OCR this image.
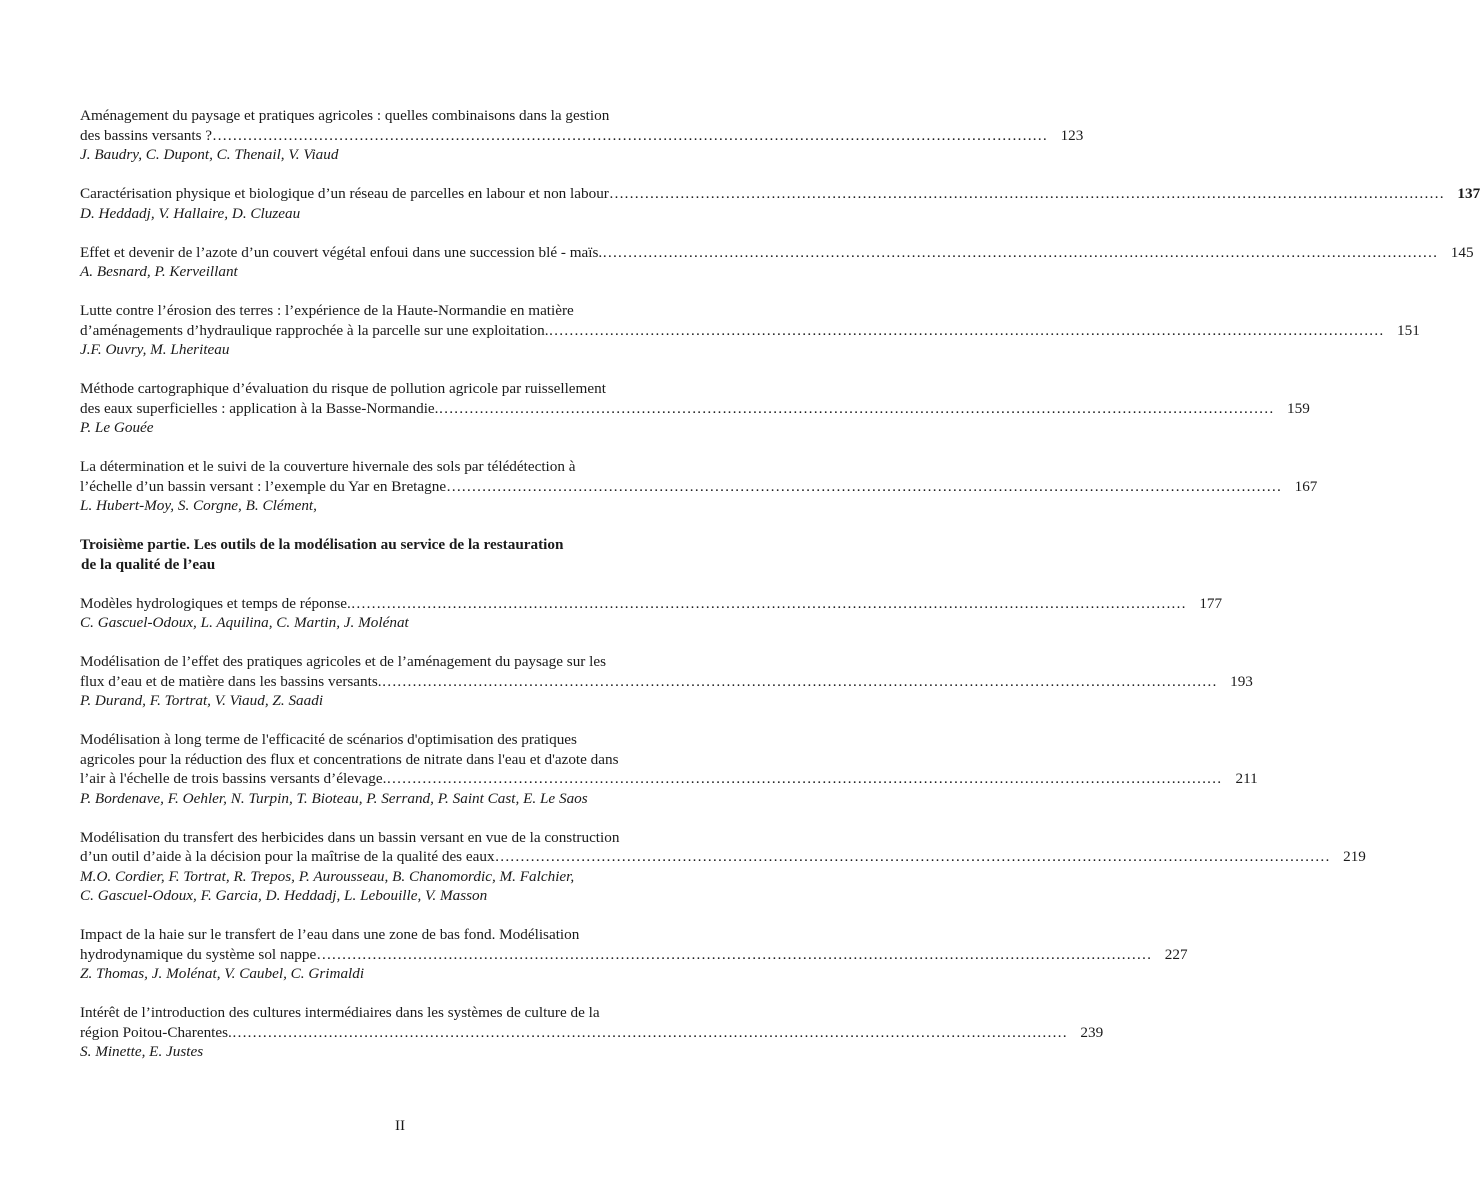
Aménagement du paysage et pratiques agricoles : quelles combinaisons dans la gestion
des bassins versants ? ………………………………………………………………………………………………………………………………………………… 123
J. Baudry, C. Dupont, C. Thenail, V. Viaud
Caractérisation physique et biologique d’un réseau de parcelles en labour et non labour ………………………………………………………………………………………………………………………………………………… 137
D. Heddadj, V. Hallaire, D. Cluzeau
Effet et devenir de l’azote d’un couvert végétal enfoui dans une succession blé - maïs. ………………………………………………………………………………………………………………………………………………… 145
A. Besnard, P. Kerveillant
Lutte contre l’érosion des terres : l’expérience de la Haute-Normandie en matière
d’aménagements d’hydraulique rapprochée à la parcelle sur une exploitation. ………………………………………………………………………………………………………………………………………………… 151
J.F. Ouvry, M. Lheriteau
Méthode cartographique d’évaluation du risque de pollution agricole par ruissellement
des eaux superficielles : application à la Basse-Normandie. ………………………………………………………………………………………………………………………………………………… 159
P. Le Gouée
La détermination et le suivi de la couverture hivernale des sols par télédétection à
l’échelle d’un bassin versant : l’exemple du Yar en Bretagne ………………………………………………………………………………………………………………………………………………… 167
L. Hubert-Moy, S. Corgne, B. Clément,
Troisième partie. Les outils de la modélisation au service de la restauration
de la qualité de l’eau
Modèles hydrologiques et temps de réponse. ………………………………………………………………………………………………………………………………………………… 177
C. Gascuel-Odoux, L. Aquilina, C. Martin, J. Molénat
Modélisation de l’effet des pratiques agricoles et de l’aménagement du paysage sur les
flux d’eau et de matière dans les bassins versants. ………………………………………………………………………………………………………………………………………………… 193
P. Durand, F. Tortrat, V. Viaud, Z. Saadi
Modélisation à long terme de l'efficacité de scénarios d'optimisation des pratiques
agricoles pour la réduction des flux et concentrations de nitrate dans l'eau et d'azote dans
l’air à l'échelle de trois bassins versants d’élevage. ………………………………………………………………………………………………………………………………………………… 211
P. Bordenave, F. Oehler, N. Turpin, T. Bioteau, P. Serrand, P. Saint Cast, E. Le Saos
Modélisation du transfert des herbicides dans un bassin versant en vue de la construction
d’un outil d’aide à la décision pour la maîtrise de la qualité des eaux ………………………………………………………………………………………………………………………………………………… 219
M.O. Cordier, F. Tortrat, R. Trepos, P. Aurousseau, B. Chanomordic, M. Falchier,
C. Gascuel-Odoux, F. Garcia, D. Heddadj, L. Lebouille, V. Masson
Impact de la haie sur le transfert de l’eau dans une zone de bas fond. Modélisation
hydrodynamique du système sol nappe ………………………………………………………………………………………………………………………………………………… 227
Z. Thomas, J. Molénat, V. Caubel, C. Grimaldi
Intérêt de l’introduction des cultures intermédiaires dans les systèmes de culture de la
région Poitou-Charentes. ………………………………………………………………………………………………………………………………………………… 239
S. Minette, E. Justes
II
